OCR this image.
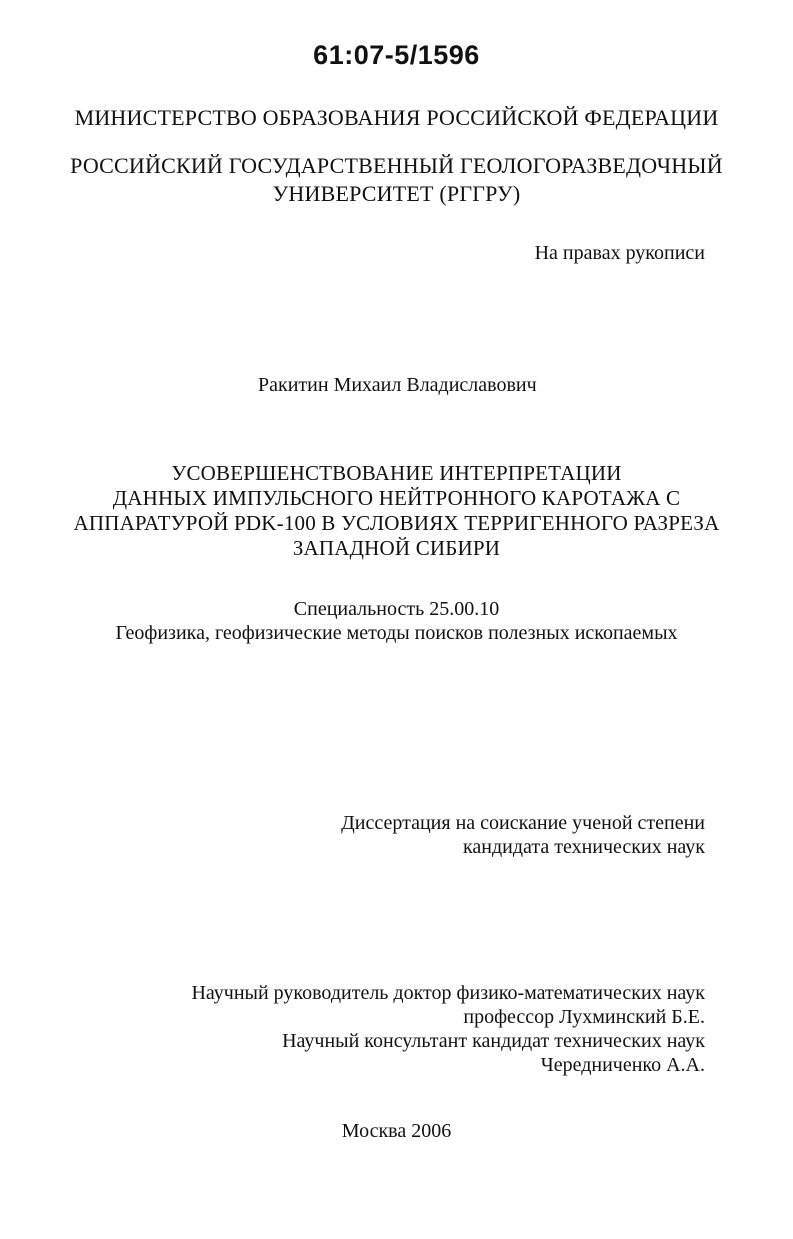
61:07-5/1596
МИНИСТЕРСТВО ОБРАЗОВАНИЯ РОССИЙСКОЙ ФЕДЕРАЦИИ
РОССИЙСКИЙ ГОСУДАРСТВЕННЫЙ ГЕОЛОГОРАЗВЕДОЧНЫЙ
УНИВЕРСИТЕТ (РГГРУ)
На правах рукописи
Ракитин Михаил Владиславович
УСОВЕРШЕНСТВОВАНИЕ ИНТЕРПРЕТАЦИИ
ДАННЫХ ИМПУЛЬСНОГО НЕЙТРОННОГО КАРОТАЖА С
АППАРАТУРОЙ PDK-100 В УСЛОВИЯХ ТЕРРИГЕННОГО РАЗРЕЗА
ЗАПАДНОЙ СИБИРИ
Специальность 25.00.10
Геофизика, геофизические методы поисков полезных ископаемых
Диссертация на соискание ученой степени
кандидата технических наук
Научный руководитель доктор физико-математических наук
профессор Лухминский Б.Е.
Научный консультант кандидат технических наук
Чередниченко А.А.
Москва 2006
